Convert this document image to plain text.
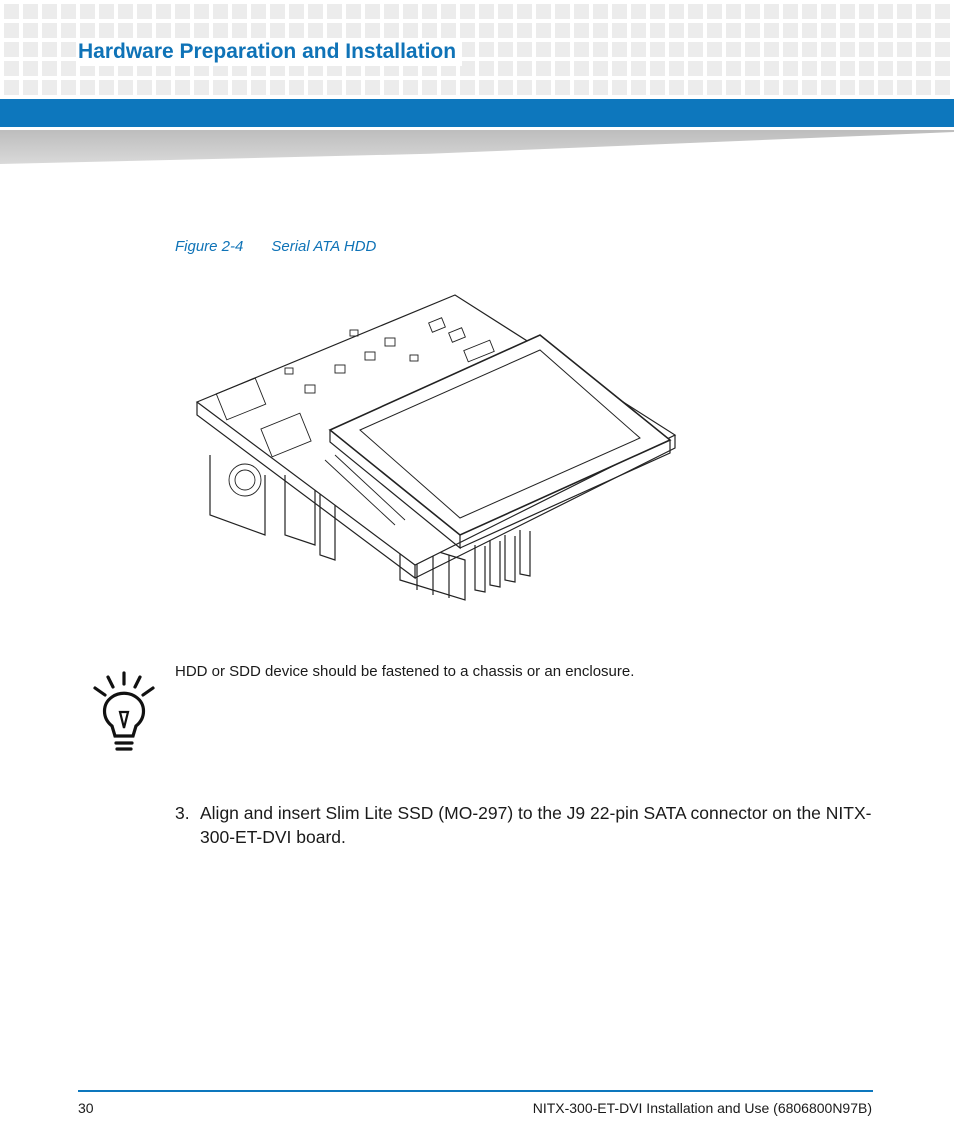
Hardware Preparation and Installation
Figure 2-4 Serial ATA HDD
HDD or SDD device should be fastened to a chassis or an enclosure.
3. Align and insert Slim Lite SSD (MO-297) to the J9 22-pin SATA connector on the NITX-300-ET-DVI board.
30	NITX-300-ET-DVI Installation and Use (6806800N97B)
